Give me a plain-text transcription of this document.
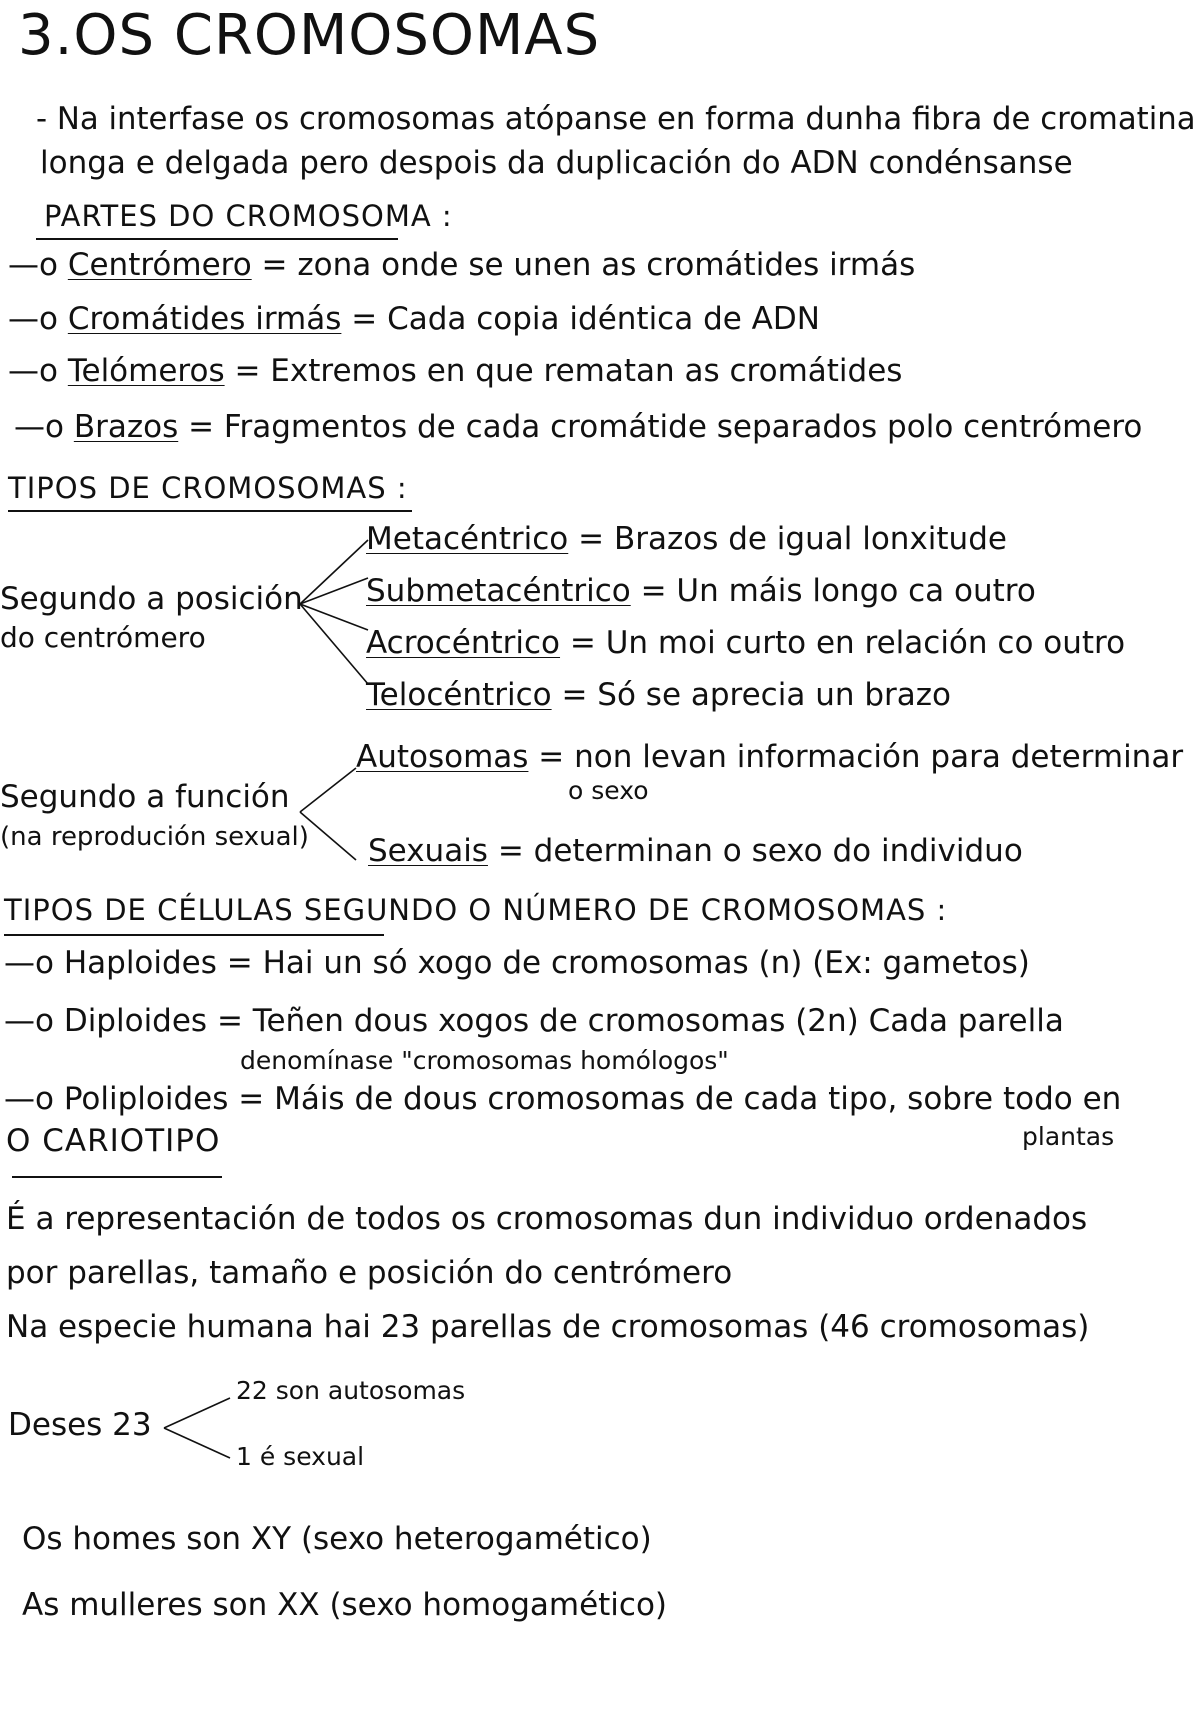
3.OS CROMOSOMAS
- Na interfase os cromosomas atópanse en forma dunha fibra de cromatina
longa e delgada pero despois da duplicación do ADN condénsanse
PARTES DO CROMOSOMA :
—o Centrómero = zona onde se unen as cromátides irmás
—o Cromátides irmás = Cada copia idéntica de ADN
—o Telómeros = Extremos en que rematan as cromátides
—o Brazos = Fragmentos de cada cromátide separados polo centrómero
TIPOS DE CROMOSOMAS :
Segundo a posición
do centrómero
Metacéntrico = Brazos de igual lonxitude
Submetacéntrico = Un máis longo ca outro
Acrocéntrico = Un moi curto en relación co outro
Telocéntrico = Só se aprecia un brazo
Segundo a función
(na reprodución sexual)
Autosomas = non levan información para determinar
o sexo
Sexuais = determinan o sexo do individuo
TIPOS DE CÉLULAS SEGUNDO O NÚMERO DE CROMOSOMAS :
—o Haploides = Hai un só xogo de cromosomas (n) (Ex: gametos)
—o Diploides = Teñen dous xogos de cromosomas (2n) Cada parella
denomínase "cromosomas homólogos"
—o Poliploides = Máis de dous cromosomas de cada tipo, sobre todo en
plantas
O CARIOTIPO
É a representación de todos os cromosomas dun individuo ordenados
por parellas, tamaño e posición do centrómero
Na especie humana hai 23 parellas de cromosomas (46 cromosomas)
Deses 23
22 son autosomas
1 é sexual
Os homes son XY (sexo heterogamético)
As mulleres son XX (sexo homogamético)
